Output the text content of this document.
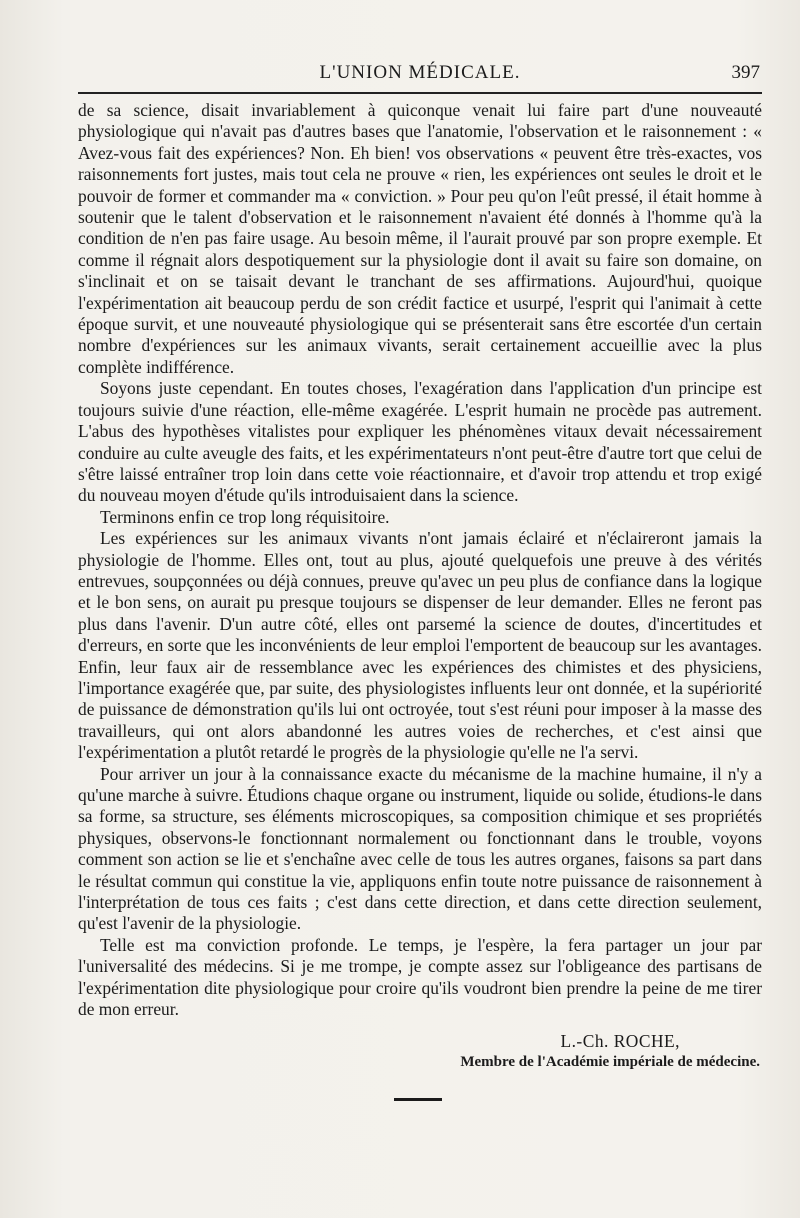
L'UNION MÉDICALE.	397

de sa science, disait invariablement à quiconque venait lui faire part d'une nouveauté physiologique qui n'avait pas d'autres bases que l'anatomie, l'observation et le raisonnement : « Avez-vous fait des expériences? Non. Eh bien! vos observations « peuvent être très-exactes, vos raisonnements fort justes, mais tout cela ne prouve « rien, les expériences ont seules le droit et le pouvoir de former et commander ma « conviction. » Pour peu qu'on l'eût pressé, il était homme à soutenir que le talent d'observation et le raisonnement n'avaient été donnés à l'homme qu'à la condition de n'en pas faire usage. Au besoin même, il l'aurait prouvé par son propre exemple. Et comme il régnait alors despotiquement sur la physiologie dont il avait su faire son domaine, on s'inclinait et on se taisait devant le tranchant de ses affirmations. Aujourd'hui, quoique l'expérimentation ait beaucoup perdu de son crédit factice et usurpé, l'esprit qui l'animait à cette époque survit, et une nouveauté physiologique qui se présenterait sans être escortée d'un certain nombre d'expériences sur les animaux vivants, serait certainement accueillie avec la plus complète indifférence.

Soyons juste cependant. En toutes choses, l'exagération dans l'application d'un principe est toujours suivie d'une réaction, elle-même exagérée. L'esprit humain ne procède pas autrement. L'abus des hypothèses vitalistes pour expliquer les phénomènes vitaux devait nécessairement conduire au culte aveugle des faits, et les expérimentateurs n'ont peut-être d'autre tort que celui de s'être laissé entraîner trop loin dans cette voie réactionnaire, et d'avoir trop attendu et trop exigé du nouveau moyen d'étude qu'ils introduisaient dans la science.

Terminons enfin ce trop long réquisitoire.

Les expériences sur les animaux vivants n'ont jamais éclairé et n'éclaireront jamais la physiologie de l'homme. Elles ont, tout au plus, ajouté quelquefois une preuve à des vérités entrevues, soupçonnées ou déjà connues, preuve qu'avec un peu plus de confiance dans la logique et le bon sens, on aurait pu presque toujours se dispenser de leur demander. Elles ne feront pas plus dans l'avenir. D'un autre côté, elles ont parsemé la science de doutes, d'incertitudes et d'erreurs, en sorte que les inconvénients de leur emploi l'emportent de beaucoup sur les avantages. Enfin, leur faux air de ressemblance avec les expériences des chimistes et des physiciens, l'importance exagérée que, par suite, des physiologistes influents leur ont donnée, et la supériorité de puissance de démonstration qu'ils lui ont octroyée, tout s'est réuni pour imposer à la masse des travailleurs, qui ont alors abandonné les autres voies de recherches, et c'est ainsi que l'expérimentation a plutôt retardé le progrès de la physiologie qu'elle ne l'a servi.

Pour arriver un jour à la connaissance exacte du mécanisme de la machine humaine, il n'y a qu'une marche à suivre. Étudions chaque organe ou instrument, liquide ou solide, étudions-le dans sa forme, sa structure, ses éléments microscopiques, sa composition chimique et ses propriétés physiques, observons-le fonctionnant normalement ou fonctionnant dans le trouble, voyons comment son action se lie et s'enchaîne avec celle de tous les autres organes, faisons sa part dans le résultat commun qui constitue la vie, appliquons enfin toute notre puissance de raisonnement à l'interprétation de tous ces faits ; c'est dans cette direction, et dans cette direction seulement, qu'est l'avenir de la physiologie.

Telle est ma conviction profonde. Le temps, je l'espère, la fera partager un jour par l'universalité des médecins. Si je me trompe, je compte assez sur l'obligeance des partisans de l'expérimentation dite physiologique pour croire qu'ils voudront bien prendre la peine de me tirer de mon erreur.

L.-Ch. ROCHE,
Membre de l'Académie impériale de médecine.
